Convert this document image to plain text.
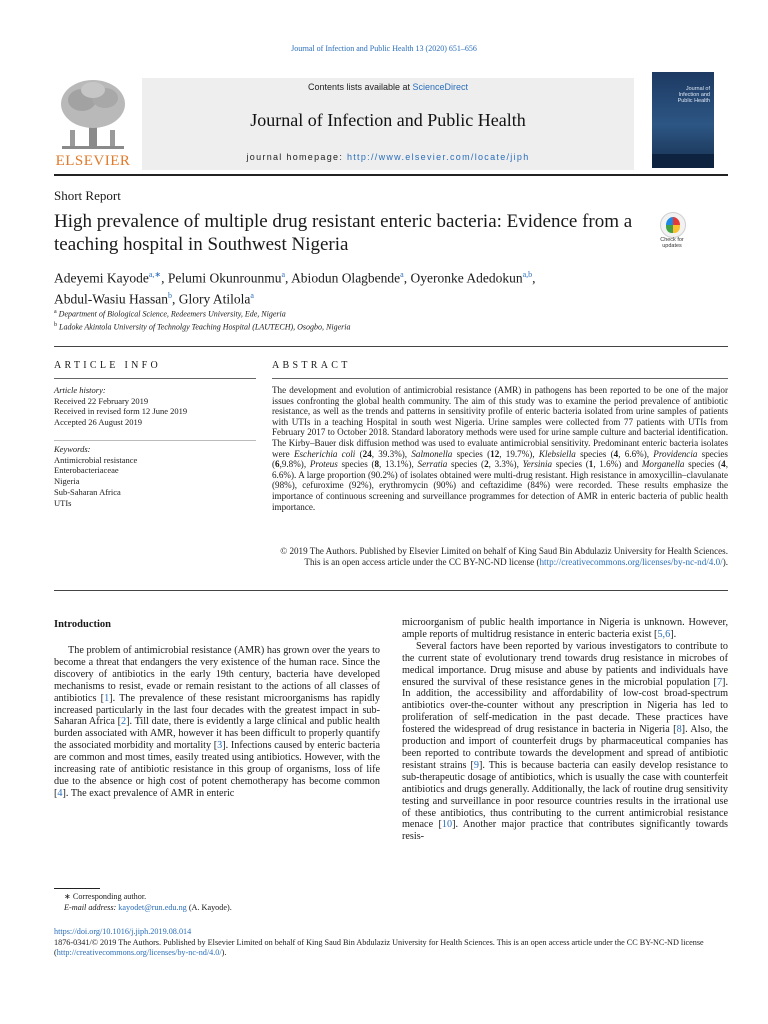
Journal of Infection and Public Health 13 (2020) 651–656
ELSEVIER
Contents lists available at ScienceDirect
Journal of Infection and Public Health
journal homepage: http://www.elsevier.com/locate/jiph
Journal of Infection and Public Health
Short Report
High prevalence of multiple drug resistant enteric bacteria: Evidence from a teaching hospital in Southwest Nigeria	Check for updates
Adeyemi Kayode$^{a,∗}$, Pelumi Okunrounmu$^a$, Abiodun Olagbende$^a$, Oyeronke Adedokun$^{a,b}$,
Abdul-Wasiu Hassan$^b$, Glory Atilola$^a$
$^a$ Department of Biological Science, Redeemers University, Ede, Nigeria
$^b$ Ladoke Akintola University of Technolgy Teaching Hospital (LAUTECH), Osogbo, Nigeria
ARTICLE INFO
Article history:
Received 22 February 2019
Received in revised form 12 June 2019
Accepted 26 August 2019
Keywords:
Antimicrobial resistance
Enterobacteriaceae
Nigeria
Sub-Saharan Africa
UTIs
ABSTRACT
The development and evolution of antimicrobial resistance (AMR) in pathogens has been reported to be one of the major issues confronting the global health community. The aim of this study was to examine the period prevalence of antibiotic resistance, as well as the trends and patterns in sensitivity profile of enteric bacteria isolated from urine samples of patients with UTIs in a teaching Hospital in south west Nigeria. Urine samples were collected from 77 patients with UTIs from February 2017 to October 2018. Standard laboratory methods were used for urine sample culture and bacterial identification. The Kirby–Bauer disk diffusion method was used to evaluate antimicrobial sensitivity. Predominant enteric bacteria isolates were Escherichia coli (24, 39.3%), Salmonella species (12, 19.7%), Klebsiella species (4, 6.6%), Providencia species (6,9.8%), Proteus species (8, 13.1%), Serratia species (2, 3.3%), Yersinia species (1, 1.6%) and Morganella species (4, 6.6%). A large proportion (90.2%) of isolates obtained were multi-drug resistant. High resistance in amoxycillin–clavulanate (98%), cefuroxime (92%), erythromycin (90%) and ceftazidime (84%) were recorded. These results emphasize the importance of continuous screening and surveillance programmes for detection of AMR in enteric bacteria of public health importance.
© 2019 The Authors. Published by Elsevier Limited on behalf of King Saud Bin Abdulaziz University for Health Sciences. This is an open access article under the CC BY-NC-ND license (http://creativecommons.org/licenses/by-nc-nd/4.0/).
Introduction

The problem of antimicrobial resistance (AMR) has grown over the years to become a threat that endangers the very existence of the human race. Since the discovery of antibiotics in the early 19th century, bacteria have developed mechanisms to resist, evade or remain resistant to the actions of all classes of antibiotics [1]. The prevalence of these resistant microorganisms has rapidly increased particularly in the last four decades with the greatest impact in sub-Saharan Africa [2]. Till date, there is evidently a large clinical and public health burden associated with AMR, however it has been difficult to properly quantify the associated morbidity and mortality [3]. Infections caused by enteric bacteria are common and most times, easily treated using antibiotics. However, with the increasing rate of antibiotic resistance in this group of organisms, loss of life due to the absence or high cost of potent chemotherapy has become common [4]. The exact prevalence of AMR in enteric

microorganism of public health importance in Nigeria is unknown. However, ample reports of multidrug resistance in enteric bacteria exist [5,6].

Several factors have been reported by various investigators to contribute to the current state of evolutionary trend towards drug resistance in microbes of medical importance. Drug misuse and abuse by patients and individuals have ensured the survival of these resistance genes in the microbial population [7]. In addition, the accessibility and affordability of low-cost broad-spectrum antibiotics over-the-counter without any prescription in Nigeria has led to proliferation of self-medication in the past decade. These practices have fostered the widespread of drug resistance in bacteria in Nigeria [8]. Also, the production and import of counterfeit drugs by pharmaceutical companies has been reported to contribute towards the development and spread of antibiotic resistant strains [9]. This is because bacteria can easily develop resistance to sub-therapeutic dosage of antibiotics, which is usually the case with counterfeit antibiotics and drugs generally. Additionally, the lack of routine drug sensitivity testing and surveillance in poor resource countries results in the irrational use of these antibiotics, thus contributing to the current antimicrobial resistance menace [10]. Another major practice that contributes significantly towards resis-

∗ Corresponding author.
E-mail address: kayodet@run.edu.ng (A. Kayode).
https://doi.org/10.1016/j.jiph.2019.08.014
1876-0341/© 2019 The Authors. Published by Elsevier Limited on behalf of King Saud Bin Abdulaziz University for Health Sciences. This is an open access article under the CC BY-NC-ND license (http://creativecommons.org/licenses/by-nc-nd/4.0/).
